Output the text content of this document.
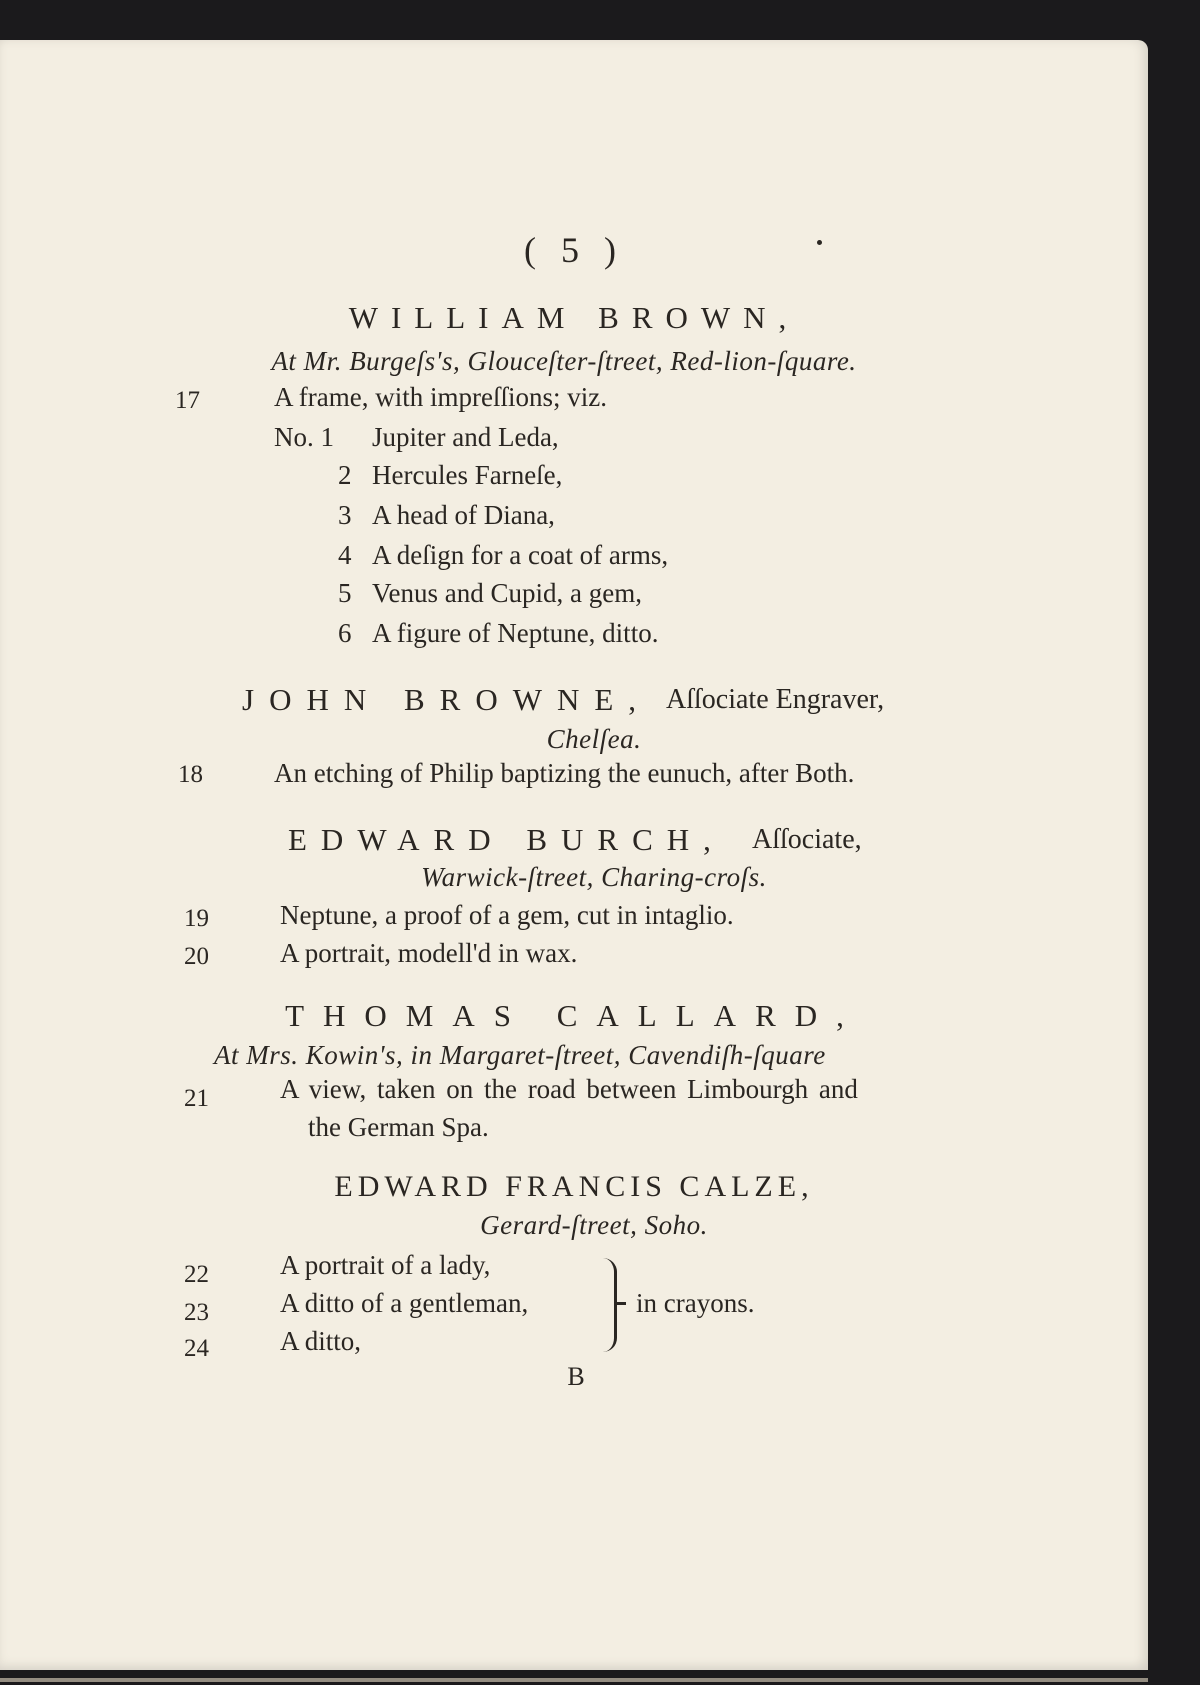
( 5 )
WILLIAM BROWN,
At Mr. Burgeſs's, Glouceſter-ſtreet, Red-lion-ſquare.
17	A frame, with impreſſions; viz.
No. 1 Jupiter and Leda,
2 Hercules Farneſe,
3 A head of Diana,
4 A deſign for a coat of arms,
5 Venus and Cupid, a gem,
6 A figure of Neptune, ditto.
JOHN BROWNE, Aſſociate Engraver,
Chelſea.
18	An etching of Philip baptizing the eunuch, after Both.
EDWARD BURCH, Aſſociate,
Warwick-ſtreet, Charing-croſs.
19	Neptune, a proof of a gem, cut in intaglio.
20	A portrait, modell'd in wax.
THOMAS CALLARD,
At Mrs. Kowin's, in Margaret-ſtreet, Cavendiſh-ſquare
21	A view, taken on the road between Limbourgh and
the German Spa.
EDWARD FRANCIS CALZE,
Gerard-ſtreet, Soho.
22	A portrait of a lady,
23	A ditto of a gentleman,
24	A ditto,
in crayons.
B
